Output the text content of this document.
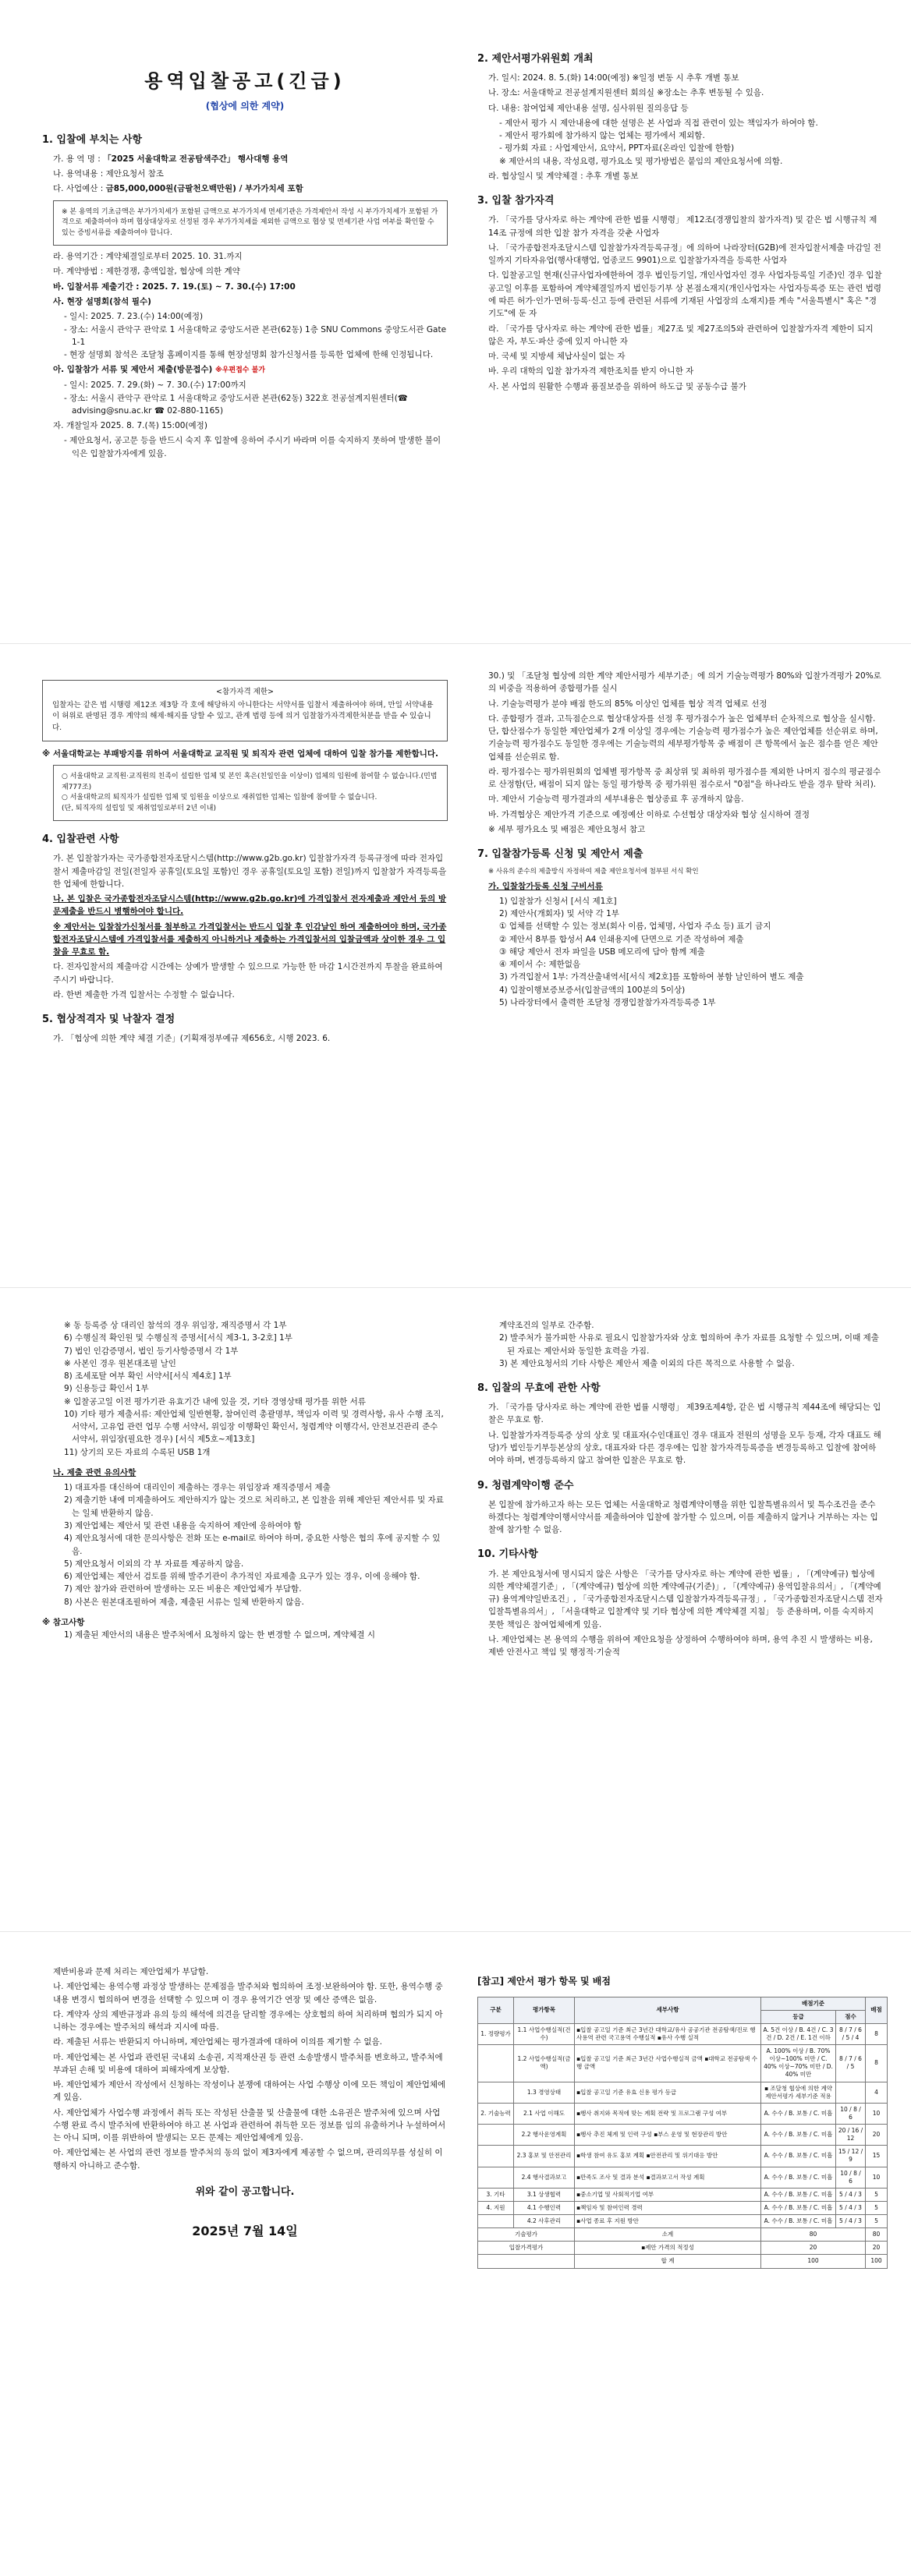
용역입찰공고(긴급)
(협상에 의한 계약)
1. 입찰에 부치는 사항
가. 용 역 명 : 「2025 서울대학교 전공탐색주간」 행사대행 용역
나. 용역내용 : 제안요청서 참조
다. 사업예산 : 금85,000,000원(금팔천오백만원) / 부가가치세 포함
※ 본 용역의 기초금액은 부가가치세가 포함된 금액으로 부가가치세 면세기관은 가격제안서 작성 시 부가가치세가 포함된 가격으로 제출하여야 하며 협상대상자로 선정된 경우 부가가치세를 제외한 금액으로 협상 및 면세기관 사업 여부를 확인할 수 있는 증빙서류를 제출하여야 합니다.
라. 용역기간 : 계약체결일로부터 2025. 10. 31.까지
마. 계약방법 : 제한경쟁, 총액입찰, 협상에 의한 계약
바. 입찰서류 제출기간 : 2025. 7. 19.(토) ~ 7. 30.(수) 17:00
사. 현장 설명회(참석 필수)
- 일시: 2025. 7. 23.(수) 14:00(예정)
- 장소: 서울시 관악구 관악로 1 서울대학교 중앙도서관 본관(62동) 1층 SNU Commons 중앙도서관 Gate 1-1
- 현장 설명회 참석은 조달청 홈페이지를 통해 현장설명회 참가신청서를 등록한 업체에 한해 인정됩니다.
아. 입찰참가 서류 및 제안서 제출(방문접수) ※우편접수 불가
- 일시: 2025. 7. 29.(화) ~ 7. 30.(수) 17:00까지
- 장소: 서울시 관악구 관악로 1 서울대학교 중앙도서관 본관(62동) 322호 전공설계지원센터(☎ advising@snu.ac.kr ☎ 02-880-1165)
자. 개찰일자 2025. 8. 7.(목) 15:00(예정)
- 제안요청서, 공고문 등을 반드시 숙지 후 입찰에 응하여 주시기 바라며 이를 숙지하지 못하여 발생한 불이익은 입찰참가자에게 있음.
2. 제안서평가위원회 개최
가. 일시: 2024. 8. 5.(화) 14:00(예정) ※일정 변동 시 추후 개별 통보
나. 장소: 서울대학교 전공설계지원센터 회의실 ※장소는 추후 변동될 수 있음.
다. 내용: 참여업체 제안내용 설명, 심사위원 질의응답 등
- 제안서 평가 시 제안내용에 대한 설명은 본 사업과 직접 관련이 있는 책임자가 하여야 함.
- 제안서 평가회에 참가하지 않는 업체는 평가에서 제외함.
- 평가회 자료 : 사업제안서, 요약서, PPT자료(온라인 입찰에 한함)
※ 제안서의 내용, 작성요령, 평가요소 및 평가방법은 붙임의 제안요청서에 의함.
라. 협상일시 및 계약체결 : 추후 개별 통보
3. 입찰 참가자격
가. 「국가를 당사자로 하는 계약에 관한 법률 시행령」 제12조(경쟁입찰의 참가자격) 및 같은 법 시행규칙 제14조 규정에 의한 입찰 참가 자격을 갖춘 사업자
나. 「국가종합전자조달시스템 입찰참가자격등록규정」에 의하여 나라장터(G2B)에 전자입찰서제출 마감일 전일까지 기타자유업(행사대행업, 업종코드 9901)으로 입찰참가자격을 등록한 사업자
다. 입찰공고일 현재(신규사업자에한하여 경우 법인등기일, 개인사업자인 경우 사업자등록일 기준)인 경우 입찰공고일 이후를 포함하여 계약체결일까지 법인등기부 상 본점소재지(개인사업자는 사업자등록증 또는 관련 법령에 따른 허가·인가·면허·등록·신고 등에 관련된 서류에 기재된 사업장의 소재지)를 계속 "서울특별시" 혹은 "경기도"에 둔 자
라. 「국가를 당사자로 하는 계약에 관한 법률」제27조 및 제27조의5와 관련하여 입찰참가자격 제한이 되지 않은 자, 부도·파산 중에 있지 아니한 자
마. 국세 및 지방세 체납사실이 없는 자
바. 우리 대학의 입찰 참가자격 제한조치를 받지 아니한 자
사. 본 사업의 원활한 수행과 품질보증을 위하여 하도급 및 공동수급 불가
<참가자격 제한>
입찰자는 같은 법 시행령 제12조 제3항 각 호에 해당하지 아니한다는 서약서를 입찰서 제출하여야 하며, 만일 서약내용이 허위로 판명된 경우 계약의 해제·해지를 당할 수 있고, 관계 법령 등에 의거 입찰참가자격제한처분을 받을 수 있습니다.
※ 서울대학교는 부패방지를 위하여 서울대학교 교직원 및 퇴직자 관련 업체에 대하여 입찰 참가를 제한합니다.
○ 서울대학교 교직원·교직원의 친족이 설립한 업체 및 본인 혹은(친일인을 이상이) 업체의 임원에 참여할 수 없습니다.(민법 제777조)
○ 서울대학교의 퇴직자가 설립한 업체 및 임원을 이상으로 재취업한 업체는 입찰에 참여할 수 없습니다.
(단, 퇴직자의 설립일 및 재취업일로부터 2년 이내)
4. 입찰관련 사항
가. 본 입찰참가자는 국가종합전자조달시스템(http://www.g2b.go.kr) 입찰참가자격 등록규정에 따라 전자입찰서 제출마감일 전일(전일자 공휴일(토요일 포함)인 경우 공휴일(토요일 포함) 전일)까지 입찰참가 자격등록을 한 업체에 한합니다.
나. 본 입찰은 국가종합전자조달시스템(http://www.g2b.go.kr)에 가격입찰서 전자제출과 제안서 등의 방문제출을 반드시 병행하여야 합니다.
※ 제안서는 입찰참가신청서를 첨부하고 가격입찰서는 반드시 입찰 후 인감날인 하여 제출하여야 하며, 국가종합전자조달시스템에 가격입찰서를 제출하지 아니하거나 제출하는 가격입찰서의 입찰금액과 상이한 경우 그 입찰을 무효로 함.
다. 전자입찰서의 제출마감 시간에는 상예가 발생할 수 있으므로 가능한 한 마감 1시간전까지 투찰을 완료하여 주시기 바랍니다.
라. 한번 제출한 가격 입찰서는 수정할 수 없습니다.
5. 협상적격자 및 낙찰자 결정
가. 「협상에 의한 계약 체결 기준」(기획재정부예규 제656호, 시행 2023. 6.
30.) 및 「조달청 협상에 의한 계약 제안서평가 세부기준」에 의거 기술능력평가 80%와 입찰가격평가 20%로의 비중을 적용하여 종합평가를 실시
나. 기술능력평가 분야 배점 한도의 85% 이상인 업체를 협상 적격 업체로 선정
다. 종합평가 결과, 고득점순으로 협상대상자를 선정 후 평가점수가 높은 업체부터 순차적으로 협상을 실시함. 단, 합산점수가 동일한 제안업체가 2개 이상일 경우에는 기술능력 평가점수가 높은 제안업체를 선순위로 하며, 기술능력 평가점수도 동일한 경우에는 기술능력의 세부평가항목 중 배점이 큰 항목에서 높은 점수를 얻은 제안업체를 선순위로 함.
라. 평가점수는 평가위원회의 업체별 평가항목 중 최상위 및 최하위 평가점수를 제외한 나머지 점수의 평균점수로 산정함(단, 배점이 되지 않는 동일 평가항목 중 평가위원 점수로서 "0점"을 하나라도 받을 경우 탈락 처리).
마. 제안서 기술능력 평가결과의 세부내용은 협상종료 후 공개하지 않음.
바. 가격협상은 제안가격 기준으로 예정예산 이하로 수선협상 대상자와 협상 실시하여 결정
※ 세부 평가요소 및 배점은 제안요청서 참고
7. 입찰참가등록 신청 및 제안서 제출
※ 사유의 준수의 제출방식 자정하여 제출 제안요청서에 첨부된 서식 확인
가. 입찰참가등록 신청 구비서류
1) 입찰참가 신청서 [서식 제1호]
2) 제안사(개회자) 및 서약 각 1부
① 업체를 선택할 수 있는 정보(회사 이름, 업체명, 사업자 주소 등) 표기 금지
② 제안서 8부를 합성서 A4 인쇄용지에 단면으로 기준 작성하여 제출
③ 해당 제안서 전자 파일을 USB 메모리에 담아 함께 제출
④ 제이서 수: 제한없음
3) 가격입찰서 1부: 가격산출내역서[서식 제2호]를 포함하여 봉함 날인하여 별도 제출
4) 입찰이행보증보증서(입찰금액의 100분의 5이상)
5) 나라장터에서 출력한 조달청 경쟁입찰참가자격등록증 1부
※ 동 등록증 상 대리인 참석의 경우 위임장, 재직증명서 각 1부
6) 수행실적 확인원 및 수행실적 증명서[서식 제3-1, 3-2호] 1부
7) 법인 인감증명서, 법인 등기사항증명서 각 1부
※ 사본인 경우 원본대조필 날인
8) 조세포탈 여부 확인 서약서[서식 제4호] 1부
9) 신용등급 확인서 1부
※ 입찰공고일 이전 평가기관 유효기간 내에 있을 것, 기타 경영상태 평가를 위한 서류
10) 기타 평가 제출서류: 제안업체 일반현황, 참여인력 총괄명부, 책임자 이력 및 경력사항, 유사 수행 조직, 서약서, 고유업 관련 업무 수행 서약서, 위임장 이행확인 확인서, 청렴계약 이행각서, 안전보건관리 준수 서약서, 위임장(필요한 경우) [서식 제5호~제13호]
11) 상기의 모든 자료의 수록된 USB 1개
나. 제출 관련 유의사항
1) 대표자를 대신하여 대리인이 제출하는 경우는 위임장과 재직증명서 제출
2) 제출기한 내에 미제출하여도 제안하지가 않는 것으로 처리하고, 본 입찰을 위해 제안된 제안서류 및 자료는 일체 반환하지 않음.
3) 제안업체는 제안서 및 관련 내용을 숙지하여 제안에 응하여야 함
4) 제안요청서에 대한 문의사항은 전화 또는 e-mail로 하여야 하며, 중요한 사항은 협의 후에 공지할 수 있음.
5) 제안요청서 이외의 각 부 자료를 제공하지 않음.
6) 제안업체는 제안서 검토를 위해 발주기관이 추가적인 자료제출 요구가 있는 경우, 이에 응해야 함.
7) 제안 참가와 관련하여 발생하는 모든 비용은 제안업체가 부담함.
8) 사본은 원본대조필하여 제출, 제출된 서류는 일체 반환하지 않음.
※ 참고사항
1) 제출된 제안서의 내용은 발주처에서 요청하지 않는 한 변경할 수 없으며, 계약체결 시
계약조건의 일부로 간주함.
2) 발주처가 불가피한 사유로 필요시 입찰참가자와 상호 협의하여 추가 자료를 요청할 수 있으며, 이때 제출된 자료는 제안서와 동일한 효력을 가짐.
3) 본 제안요청서의 기타 사항은 제안서 제출 이외의 다른 목적으로 사용할 수 없음.
8. 입찰의 무효에 관한 사항
가. 「국가를 당사자로 하는 계약에 관한 법률 시행령」 제39조제4항, 같은 법 시행규칙 제44조에 해당되는 입찰은 무효로 함.
나. 입찰참가자격등록증 상의 상호 및 대표자(수인대표인 경우 대표자 전원의 성명을 모두 등재, 각자 대표도 해당)가 법인등기부등본상의 상호, 대표자와 다른 경우에는 입찰 참가자격등록증을 변경등록하고 입찰에 참여하여야 하며, 변경등록하지 않고 참여한 입찰은 무효로 함.
9. 청렴계약이행 준수
본 입찰에 참가하고자 하는 모든 업체는 서울대학교 청렴계약이행을 위한 입찰특별유의서 및 특수조건을 준수하겠다는 청렴계약이행서약서를 제출하여야 입찰에 참가할 수 있으며, 이를 제출하지 않거나 거부하는 자는 입찰에 참가할 수 없음.
10. 기타사항
가. 본 제안요청서에 명시되지 않은 사항은 「국가를 당사자로 하는 계약에 관한 법률」, 「(계약예규) 협상에 의한 계약체결기준」, 「(계약예규) 협상에 의한 계약예규(기준)」, 「(계약예규) 용역입찰유의서」, 「(계약예규) 용역계약일반조건」, 「국가종합전자조달시스템 입찰참가자격등록규정」, 「국가종합전자조달시스템 전자입찰특별유의서」, 「서울대학교 입찰계약 및 기타 협상에 의한 계약체결 지침」 등 준용하며, 이를 숙지하지 못한 책임은 참여업체에게 있음.
나. 제안업체는 본 용역의 수행을 위하여 제안요청을 상정하여 수행하여야 하며, 용역 추진 시 발생하는 비용, 제반 안전사고 책임 및 행정적·기술적
제반비용과 문제 처리는 제안업체가 부담함.
나. 제안업체는 용역수행 과정상 발생하는 문제점을 발주처와 협의하여 조정·보완하여야 함. 또한, 용역수행 중 내용 변경시 협의하여 변경을 선택할 수 있으며 이 경우 용역기간 연장 및 예산 증액은 없음.
다. 계약자 상의 제반규정과 유의 등의 해석에 의견을 달리할 경우에는 상호협의 하여 처리하며 협의가 되지 아니하는 경우에는 발주처의 해석과 지시에 따름.
라. 제출된 서류는 반환되지 아니하며, 제안업체는 평가결과에 대하여 이의를 제기할 수 없음.
마. 제안업체는 본 사업과 관련된 국내외 소송권, 지적재산권 등 관련 소송발생시 발주처를 변호하고, 발주처에 부과된 손해 및 비용에 대하여 피해자에게 보상함.
바. 제안업체가 제안서 작성에서 신청하는 작성이나 분쟁에 대하여는 사업 수행상 이에 모든 책임이 제안업체에게 있음.
사. 제안업체가 사업수행 과정에서 취득 또는 작성된 산출물 및 산출물에 대한 소유권은 발주처에 있으며 사업수행 완료 즉시 발주처에 반환하여야 하고 본 사업과 관련하여 취득한 모든 정보를 임의 유출하거나 누설하여서는 아니 되며, 이를 위반하여 발생되는 모든 문제는 제안업체에게 있음.
아. 제안업체는 본 사업의 관련 정보를 발주처의 동의 없이 제3자에게 제공할 수 없으며, 관리의무를 성실히 이행하지 아니하고 준수함.
위와 같이 공고합니다.
2025년 7월 14일
[참고] 제안서 평가 항목 및 배점
구분	평가항목	세부사항	배점기준		배점
			등급	점수	
1. 정량평가	1.1 사업수행실적(건수)	▪입찰 공고일 기준 최근 3년간 대학교/유사 공공기관 전공탐색/진로 행사용역 관련 국고용역 수행실적 ▪유사 수행 실적	A. 5건 이상 / B. 4건 / C. 3건 / D. 2건 / E. 1건 이하	8 / 7 / 6 / 5 / 4	8
	1.2 사업수행실적(금액)	▪입찰 공고일 기준 최근 3년간 사업수행실적 금액 ▪대학교 전공탐색 수행 금액	A. 100% 이상 / B. 70% 이상~100% 미만 / C. 40% 이상~70% 미만 / D. 40% 미만	8 / 7 / 6 / 5	8
	1.3 경영상태	▪입찰 공고일 기준 유효 신용 평가 등급	▪ 조달청 협상에 의한 계약 제안서평가 세부기준 적용		4
2. 기술능력	2.1 사업 이해도	▪행사 취지와 목적에 맞는 계획 전략 및 프로그램 구성 여부	A. 수수 / B. 보통 / C. 미흡	10 / 8 / 6	10
	2.2 행사운영계획	▪행사 추진 체계 및 인력 구성 ▪부스 운영 및 현장관리 방안	A. 수수 / B. 보통 / C. 미흡	20 / 16 / 12	20
	2.3 홍보 및 안전관리	▪학생 참여 유도 홍보 계획 ▪안전관리 및 위기대응 방안	A. 수수 / B. 보통 / C. 미흡	15 / 12 / 9	15
	2.4 행사결과보고	▪만족도 조사 및 결과 분석 ▪결과보고서 작성 계획	A. 수수 / B. 보통 / C. 미흡	10 / 8 / 6	10
3. 기타	3.1 상생협력	▪중소기업 및 사회적기업 여부	A. 수수 / B. 보통 / C. 미흡	5 / 4 / 3	5
4. 지원	4.1 수행인력	▪책임자 및 참여인력 경력	A. 수수 / B. 보통 / C. 미흡	5 / 4 / 3	5
	4.2 사후관리	▪사업 종료 후 지원 방안	A. 수수 / B. 보통 / C. 미흡	5 / 4 / 3	5
기술평가		소계	80		80
입찰가격평가		▪제안 가격의 적정성	20		20
		합 계	100		100
